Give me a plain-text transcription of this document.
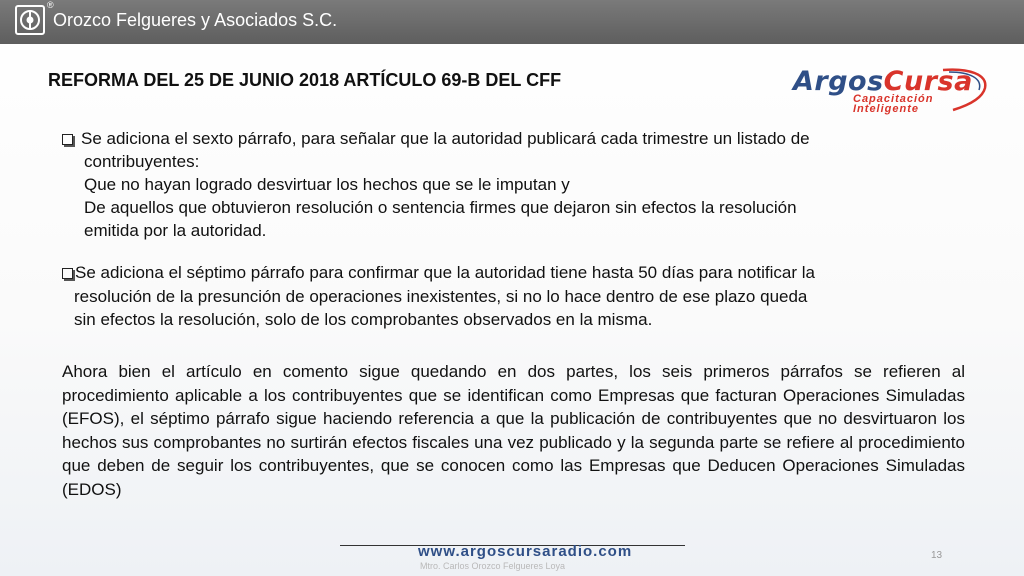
®
Orozco Felgueres y Asociados S.C.
REFORMA DEL 25 DE JUNIO 2018 ARTÍCULO 69-B DEL CFF	ArgosCursa
Capacitación
Inteligente
Se adiciona el sexto párrafo, para señalar que la autoridad publicará cada trimestre un listado de
contribuyentes:
Que no hayan logrado desvirtuar los hechos que se le imputan y
De aquellos que obtuvieron resolución o sentencia firmes que dejaron sin efectos la resolución
emitida por la autoridad.
Se adiciona el séptimo párrafo para confirmar que la autoridad tiene hasta 50 días para notificar la
resolución de la presunción de operaciones inexistentes, si no lo hace dentro de ese plazo queda
sin efectos la resolución, solo de los comprobantes observados en la misma.
Ahora bien el artículo en comento sigue quedando en dos partes, los seis primeros párrafos se refieren al procedimiento aplicable a los contribuyentes que se identifican como Empresas que facturan Operaciones Simuladas (EFOS), el séptimo párrafo sigue haciendo referencia a que la publicación de contribuyentes que no desvirtuaron los hechos sus comprobantes no surtirán efectos fiscales una vez publicado y la segunda parte se refiere al procedimiento que deben de seguir los contribuyentes, que se conocen como las Empresas que Deducen Operaciones Simuladas (EDOS)
Mtro. Carlos Orozco Felgueres Loya
www.argoscursaradio.com	13
